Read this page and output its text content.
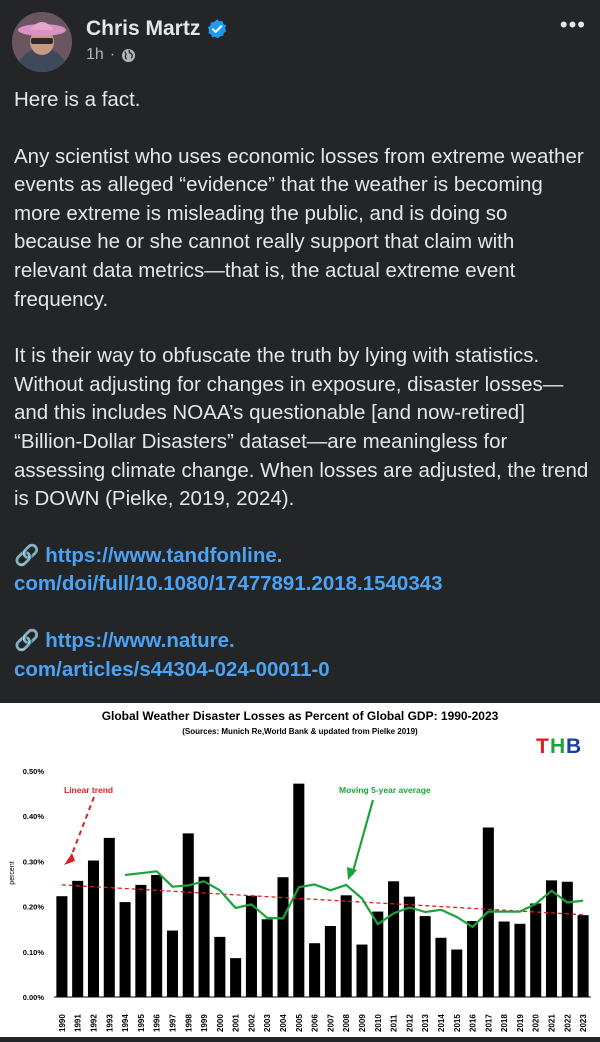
Chris Martz
1h ·
•••

Here is a fact.

Any scientist who uses economic losses from extreme weather events as alleged “evidence” that the weather is becoming more extreme is misleading the public, and is doing so because he or she cannot really support that claim with relevant data metrics—that is, the actual extreme event frequency.

It is their way to obfuscate the truth by lying with statistics. Without adjusting for changes in exposure, disaster losses—and this includes NOAA’s questionable [and now-retired] “Billion-Dollar Disasters” dataset—are meaningless for assessing climate change. When losses are adjusted, the trend is DOWN (Pielke, 2019, 2024).

🔗 https://www.tandfonline.
com/doi/full/10.1080/17477891.2018.1540343

🔗 https://www.nature.
com/articles/s44304-024-00011-0

Global Weather Disaster Losses as Percent of Global GDP: 1990-2023
(Sources: Munich Re,World Bank & updated from Pielke 2019)
T H B
percent
0.00%
0.10%
0.20%
0.30%
0.40%
0.50%
1990 1991 1992 1993 1994 1995 1996 1997 1998 1999 2000 2001 2002 2003 2004 2005 2006 2007 2008 2009 2010 2011 2012 2013 2014 2015 2016 2017 2018 2019 2020 2021 2022 2023
Linear trend	Moving 5-year average
